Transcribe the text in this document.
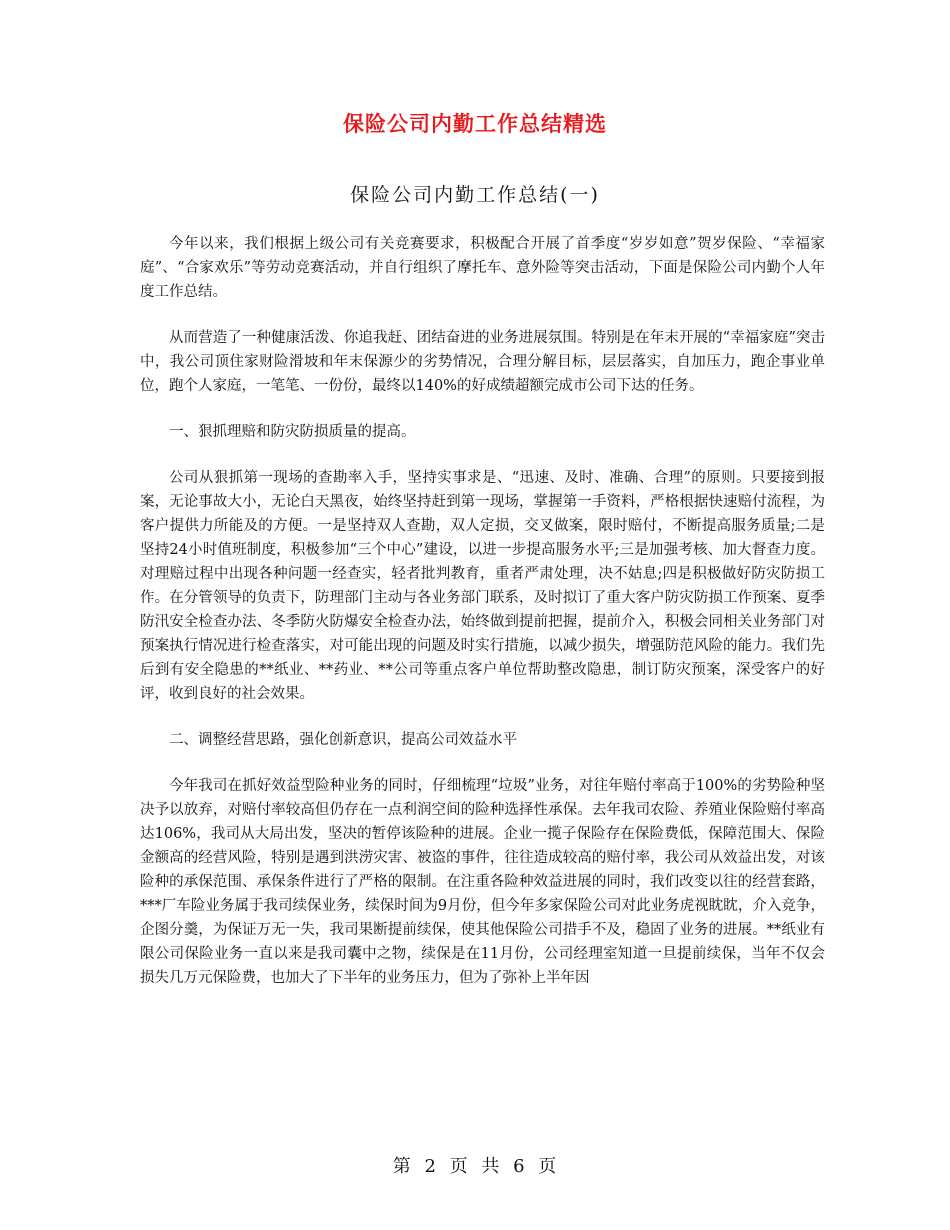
保险公司内勤工作总结精选
保险公司内勤工作总结(一)

今年以来，我们根据上级公司有关竞赛要求，积极配合开展了首季度“岁岁如意”贺岁保险、“幸福家庭”、“合家欢乐”等劳动竞赛活动，并自行组织了摩托车、意外险等突击活动，下面是保险公司内勤个人年度工作总结。

从而营造了一种健康活泼、你追我赶、团结奋进的业务进展氛围。特别是在年末开展的“幸福家庭”突击中，我公司顶住家财险滑坡和年末保源少的劣势情况，合理分解目标，层层落实，自加压力，跑企事业单位，跑个人家庭，一笔笔、一份份，最终以140%的好成绩超额完成市公司下达的任务。

一、狠抓理赔和防灾防损质量的提高。

公司从狠抓第一现场的查勘率入手，坚持实事求是、“迅速、及时、准确、合理”的原则。只要接到报案，无论事故大小，无论白天黑夜，始终坚持赶到第一现场，掌握第一手资料，严格根据快速赔付流程，为客户提供力所能及的方便。一是坚持双人查勘，双人定损，交叉做案，限时赔付，不断提高服务质量;二是坚持24小时值班制度，积极参加“三个中心”建设，以进一步提高服务水平;三是加强考核、加大督查力度。对理赔过程中出现各种问题一经查实，轻者批判教育，重者严肃处理，决不姑息;四是积极做好防灾防损工作。在分管领导的负责下，防理部门主动与各业务部门联系，及时拟订了重大客户防灾防损工作预案、夏季防汛安全检查办法、冬季防火防爆安全检查办法，始终做到提前把握，提前介入，积极会同相关业务部门对预案执行情况进行检查落实，对可能出现的问题及时实行措施，以减少损失，增强防范风险的能力。我们先后到有安全隐患的**纸业、**药业、**公司等重点客户单位帮助整改隐患，制订防灾预案，深受客户的好评，收到良好的社会效果。

二、调整经营思路，强化创新意识，提高公司效益水平

今年我司在抓好效益型险种业务的同时，仔细梳理“垃圾”业务，对往年赔付率高于100%的劣势险种坚决予以放弃，对赔付率较高但仍存在一点利润空间的险种选择性承保。去年我司农险、养殖业保险赔付率高达106%，我司从大局出发，坚决的暂停该险种的进展。企业一揽子保险存在保险费低，保障范围大、保险金额高的经营风险，特别是遇到洪涝灾害、被盗的事件，往往造成较高的赔付率，我公司从效益出发，对该险种的承保范围、承保条件进行了严格的限制。在注重各险种效益进展的同时，我们改变以往的经营套路，***厂车险业务属于我司续保业务，续保时间为9月份，但今年多家保险公司对此业务虎视眈眈，介入竞争，企图分羹，为保证万无一失，我司果断提前续保，使其他保险公司措手不及，稳固了业务的进展。**纸业有限公司保险业务一直以来是我司囊中之物，续保是在11月份，公司经理室知道一旦提前续保，当年不仅会损失几万元保险费，也加大了下半年的业务压力，但为了弥补上半年因

第 2 页 共 6 页
